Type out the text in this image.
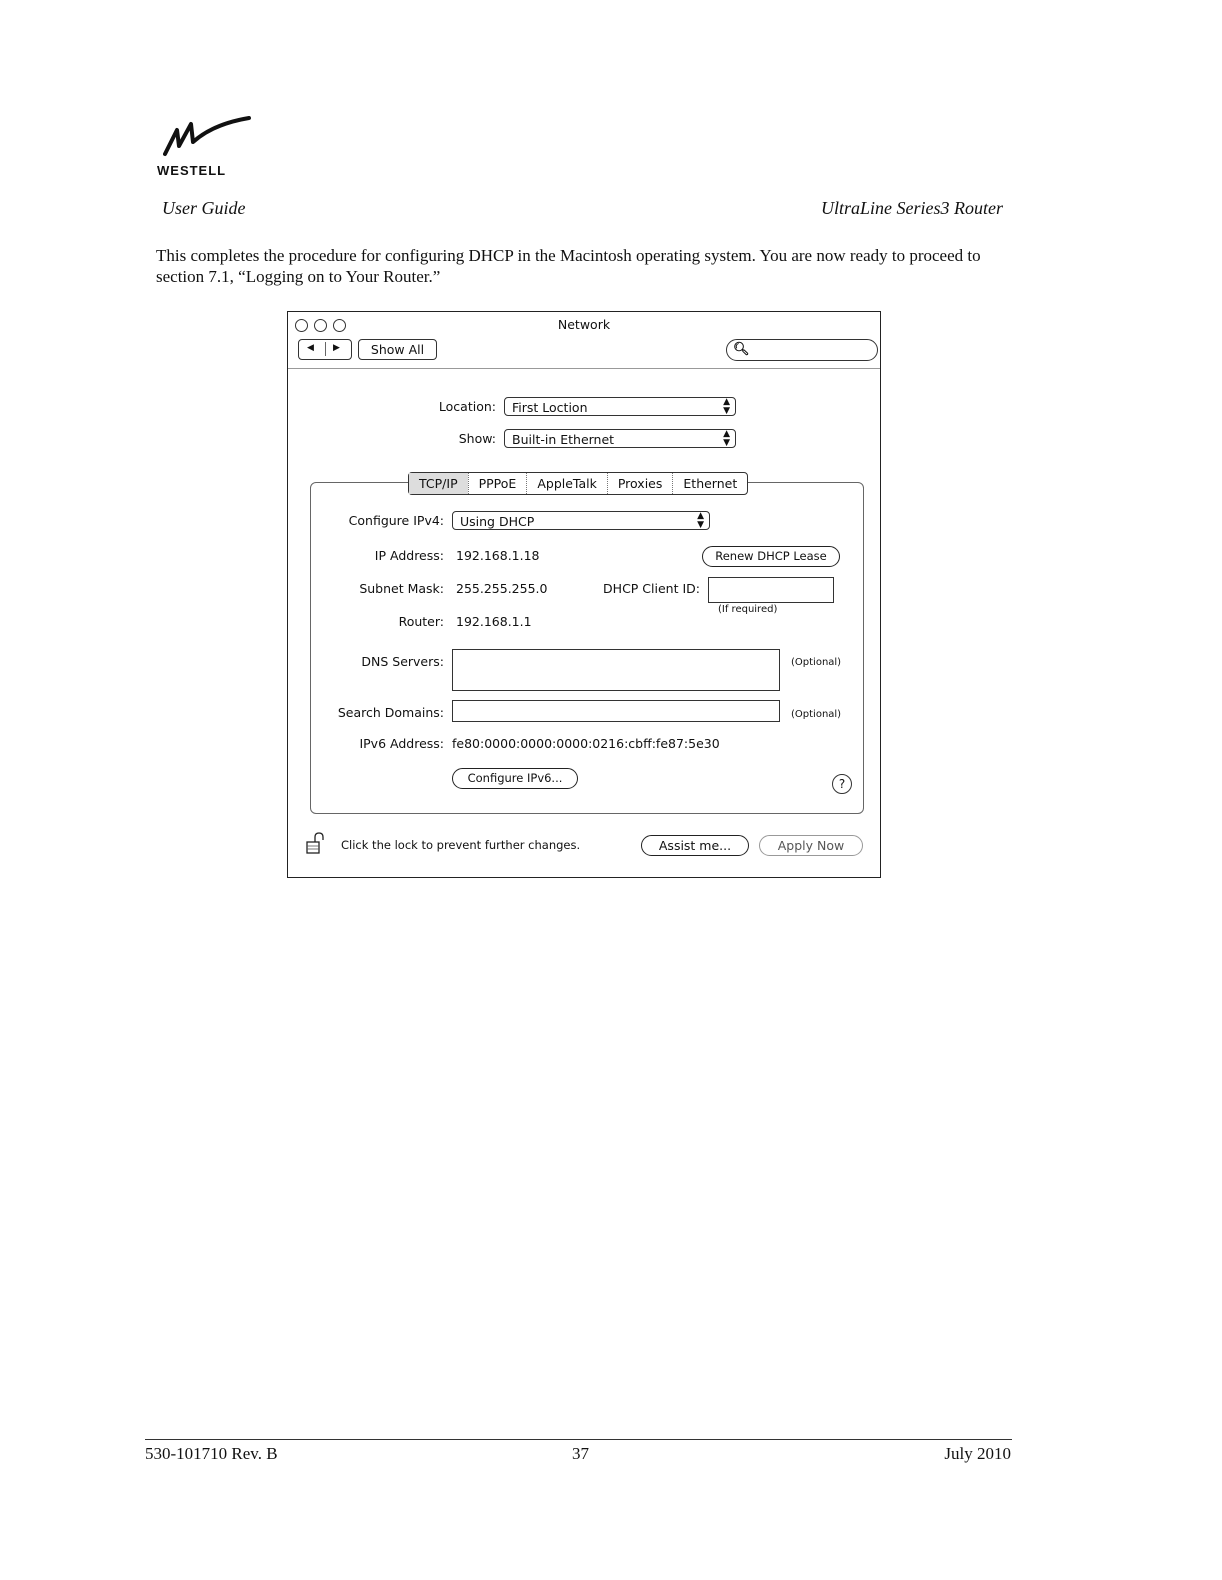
WESTELL
User Guide	UltraLine Series3 Router
This completes the procedure for configuring DHCP in the Macintosh operating system. You are now ready to proceed to section 7.1, “Logging on to Your Router.”
Network
◀ ▶	Show All	🔍︎
Location:	First Loction	▲
▼
Show:	Built-in Ethernet	▲
▼
TCP/IP	PPPoE	AppleTalk	Proxies	Ethernet
Configure IPv4:	Using DHCP	▲
▼
IP Address: 192.168.1.18	Renew DHCP Lease
Subnet Mask: 255.255.255.0	DHCP Client ID:
(If required)
Router: 192.168.1.1
DNS Servers:	(Optional)
Search Domains:	(Optional)
IPv6 Address: fe80:0000:0000:0000:0216:cbff:fe87:5e30
Configure IPv6...	?
Click the lock to prevent further changes.	Assist me...	Apply Now
530-101710 Rev. B	37	July 2010
